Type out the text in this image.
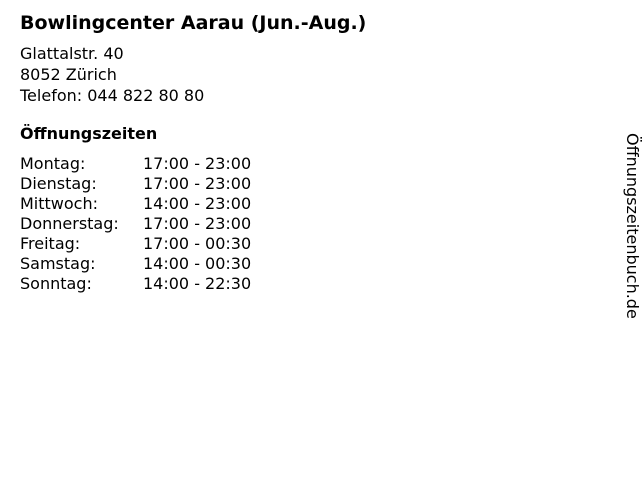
Bowlingcenter Aarau (Jun.-Aug.)
Glattalstr. 40
8052 Zürich
Telefon: 044 822 80 80
Öffnungszeiten
Montag:	17:00 - 23:00
Dienstag:	17:00 - 23:00
Mittwoch:	14:00 - 23:00
Donnerstag:	17:00 - 23:00
Freitag:	17:00 - 00:30
Samstag:	14:00 - 00:30
Sonntag:	14:00 - 22:30	Öffnungszeitenbuch.de
